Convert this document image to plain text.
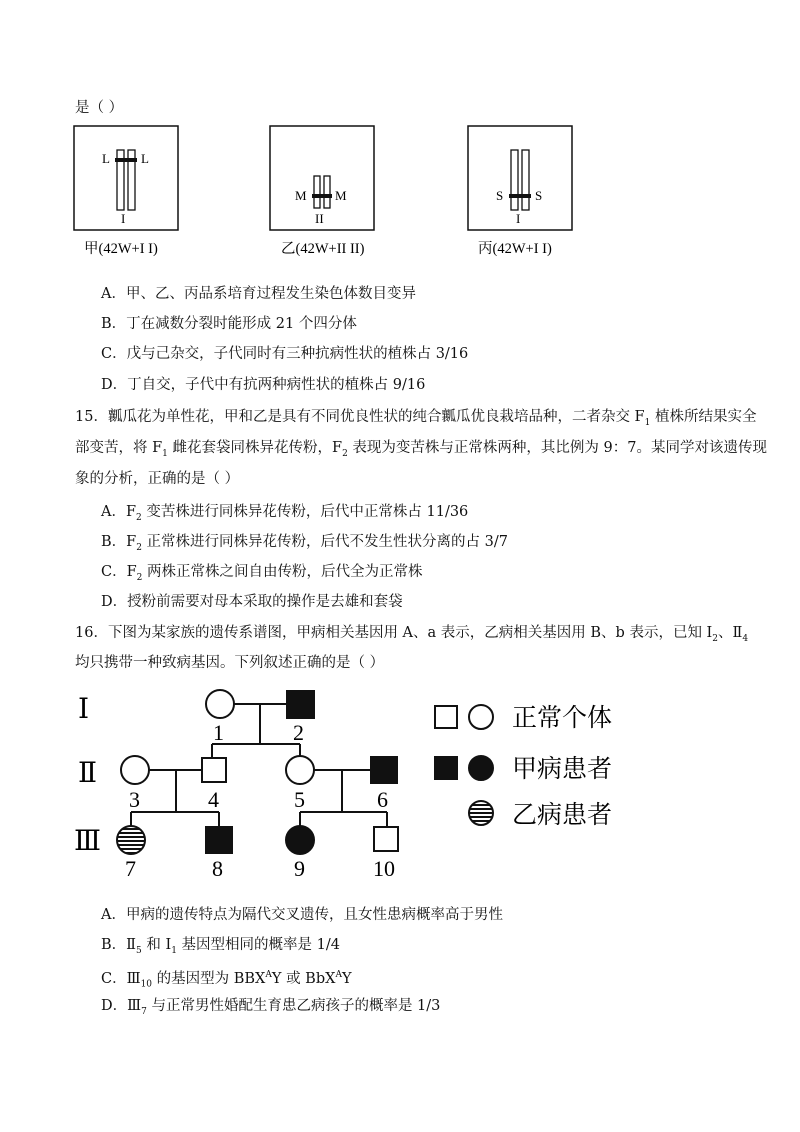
是（ ）
L L
I
M M
II
S S
I
甲(42W+I I)	乙(42W+II II)	丙(42W+I I)
A．甲、乙、丙品系培育过程发生染色体数目变异
B．丁在减数分裂时能形成 21 个四分体
C．戊与己杂交，子代同时有三种抗病性状的植株占 3/16
D．丁自交，子代中有抗两种病性状的植株占 9/16
15．瓤瓜花为单性花，甲和乙是具有不同优良性状的纯合瓤瓜优良栽培品种，二者杂交 $F_1$ 植株所结果实全
部变苦，将 $F_1$ 雌花套袋同株异花传粉，$F_2$ 表现为变苦株与正常株两种，其比例为 9：7。某同学对该遗传现
象的分析，正确的是（ ）
A．$F_2$ 变苦株进行同株异花传粉，后代中正常株占 11/36
B．$F_2$ 正常株进行同株异花传粉，后代不发生性状分离的占 3/7
C．$F_2$ 两株正常株之间自由传粉，后代全为正常株
D．授粉前需要对母本采取的操作是去雄和套袋
16．下图为某家族的遗传系谱图，甲病相关基因用 A、a 表示，乙病相关基因用 B、b 表示，已知 $I_2$、$Ⅱ_4$
均只携带一种致病基因。下列叙述正确的是（ ）
Ⅰ
Ⅱ
Ⅲ
1	2
3	4	5	6
7	8	9	10
正常个体
甲病患者
乙病患者
A．甲病的遗传特点为隔代交叉遗传，且女性患病概率高于男性
B．$Ⅱ_5$ 和 $I_1$ 基因型相同的概率是 1/4
C．$Ⅲ_{10}$ 的基因型为 $BBX^AY$ 或 BbX$^A$Y
D．$Ⅲ_7$ 与正常男性婚配生育患乙病孩子的概率是 1/3
